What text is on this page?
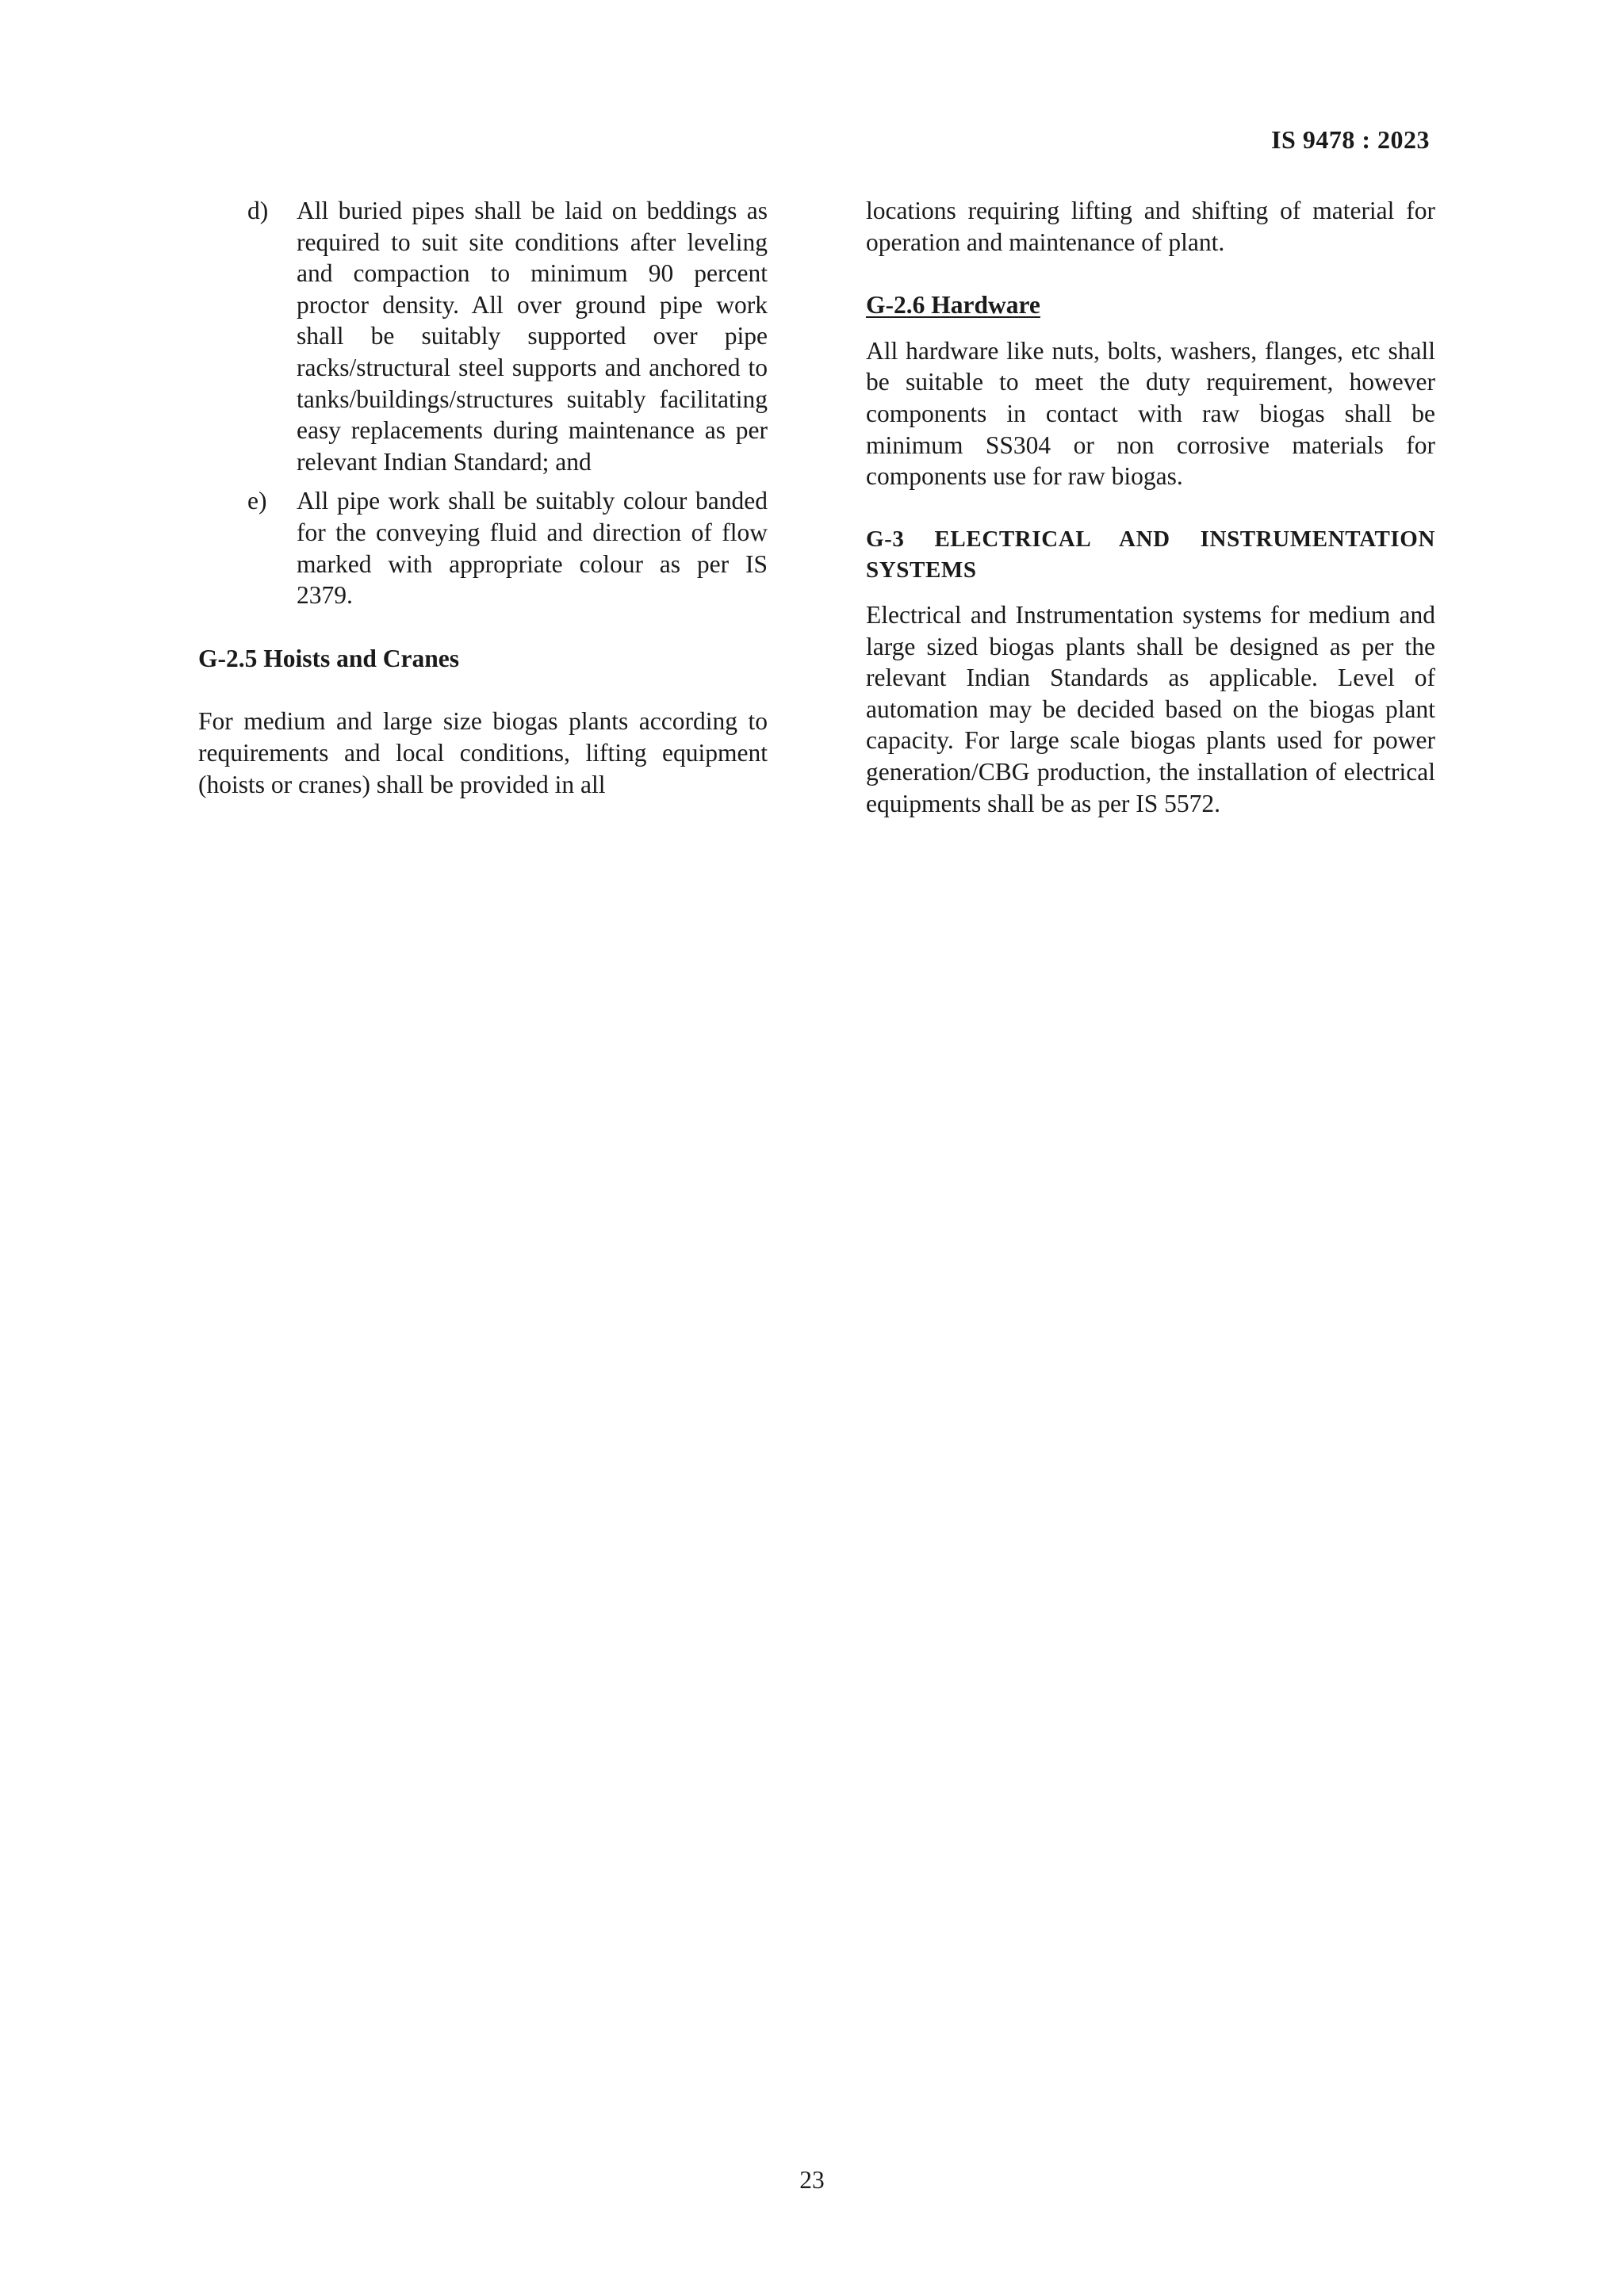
IS 9478 : 2023
d)	All buried pipes shall be laid on beddings as required to suit site conditions after leveling and compaction to minimum 90 percent proctor density. All over ground pipe work shall be suitably supported over pipe racks/structural steel supports and anchored to tanks/buildings/structures suitably facilitating easy replacements during maintenance as per relevant Indian Standard; and
e)	All pipe work shall be suitably colour banded for the conveying fluid and direction of flow marked with appropriate colour as per IS 2379.
G-2.5 Hoists and Cranes
For medium and large size biogas plants according to requirements and local conditions, lifting equipment (hoists or cranes) shall be provided in all
locations requiring lifting and shifting of material for operation and maintenance of plant.
G-2.6 Hardware
All hardware like nuts, bolts, washers, flanges, etc shall be suitable to meet the duty requirement, however components in contact with raw biogas shall be minimum SS304 or non corrosive materials for components use for raw biogas.
G-3 ELECTRICAL AND INSTRUMENTATION SYSTEMS
Electrical and Instrumentation systems for medium and large sized biogas plants shall be designed as per the relevant Indian Standards as applicable. Level of automation may be decided based on the biogas plant capacity. For large scale biogas plants used for power generation/CBG production, the installation of electrical equipments shall be as per IS 5572.
23
